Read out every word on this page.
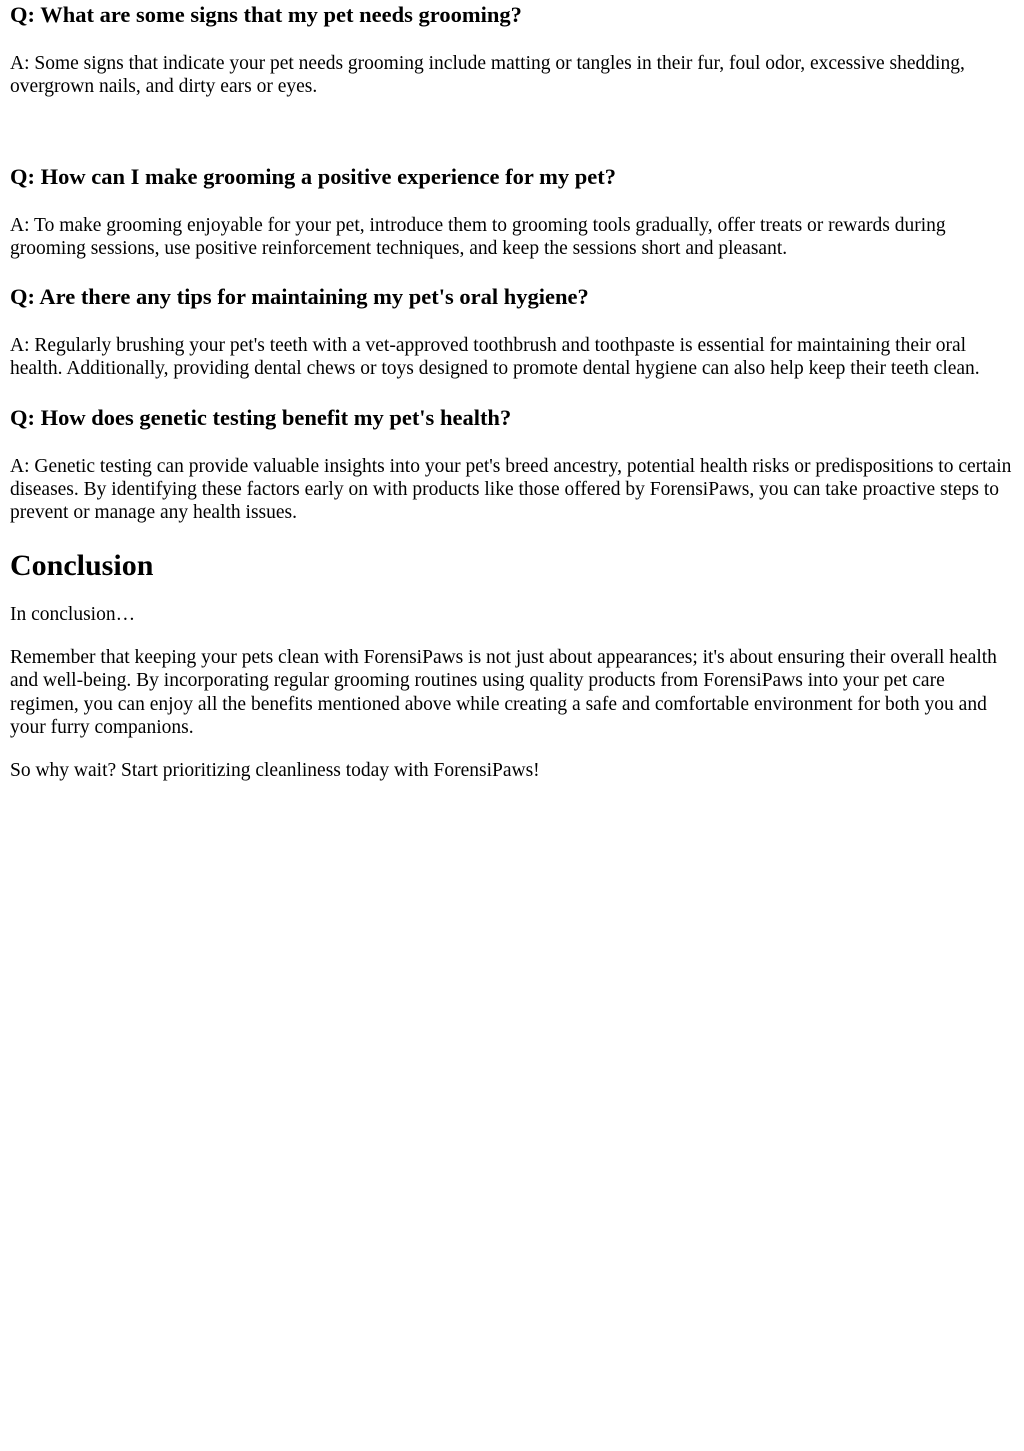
Q: What are some signs that my pet needs grooming?

A: Some signs that indicate your pet needs grooming include matting or tangles in their fur, foul odor, excessive shedding, overgrown nails, and dirty ears or eyes.

Q: How can I make grooming a positive experience for my pet?

A: To make grooming enjoyable for your pet, introduce them to grooming tools gradually, offer treats or rewards during grooming sessions, use positive reinforcement techniques, and keep the sessions short and pleasant.

Q: Are there any tips for maintaining my pet's oral hygiene?

A: Regularly brushing your pet's teeth with a vet-approved toothbrush and toothpaste is essential for maintaining their oral health. Additionally, providing dental chews or toys designed to promote dental hygiene can also help keep their teeth clean.

Q: How does genetic testing benefit my pet's health?

A: Genetic testing can provide valuable insights into your pet's breed ancestry, potential health risks or predispositions to certain diseases. By identifying these factors early on with products like those offered by ForensiPaws, you can take proactive steps to prevent or manage any health issues.

Conclusion

In conclusion…

Remember that keeping your pets clean with ForensiPaws is not just about appearances; it's about ensuring their overall health and well-being. By incorporating regular grooming routines using quality products from ForensiPaws into your pet care regimen, you can enjoy all the benefits mentioned above while creating a safe and comfortable environment for both you and your furry companions.

So why wait? Start prioritizing cleanliness today with ForensiPaws!
